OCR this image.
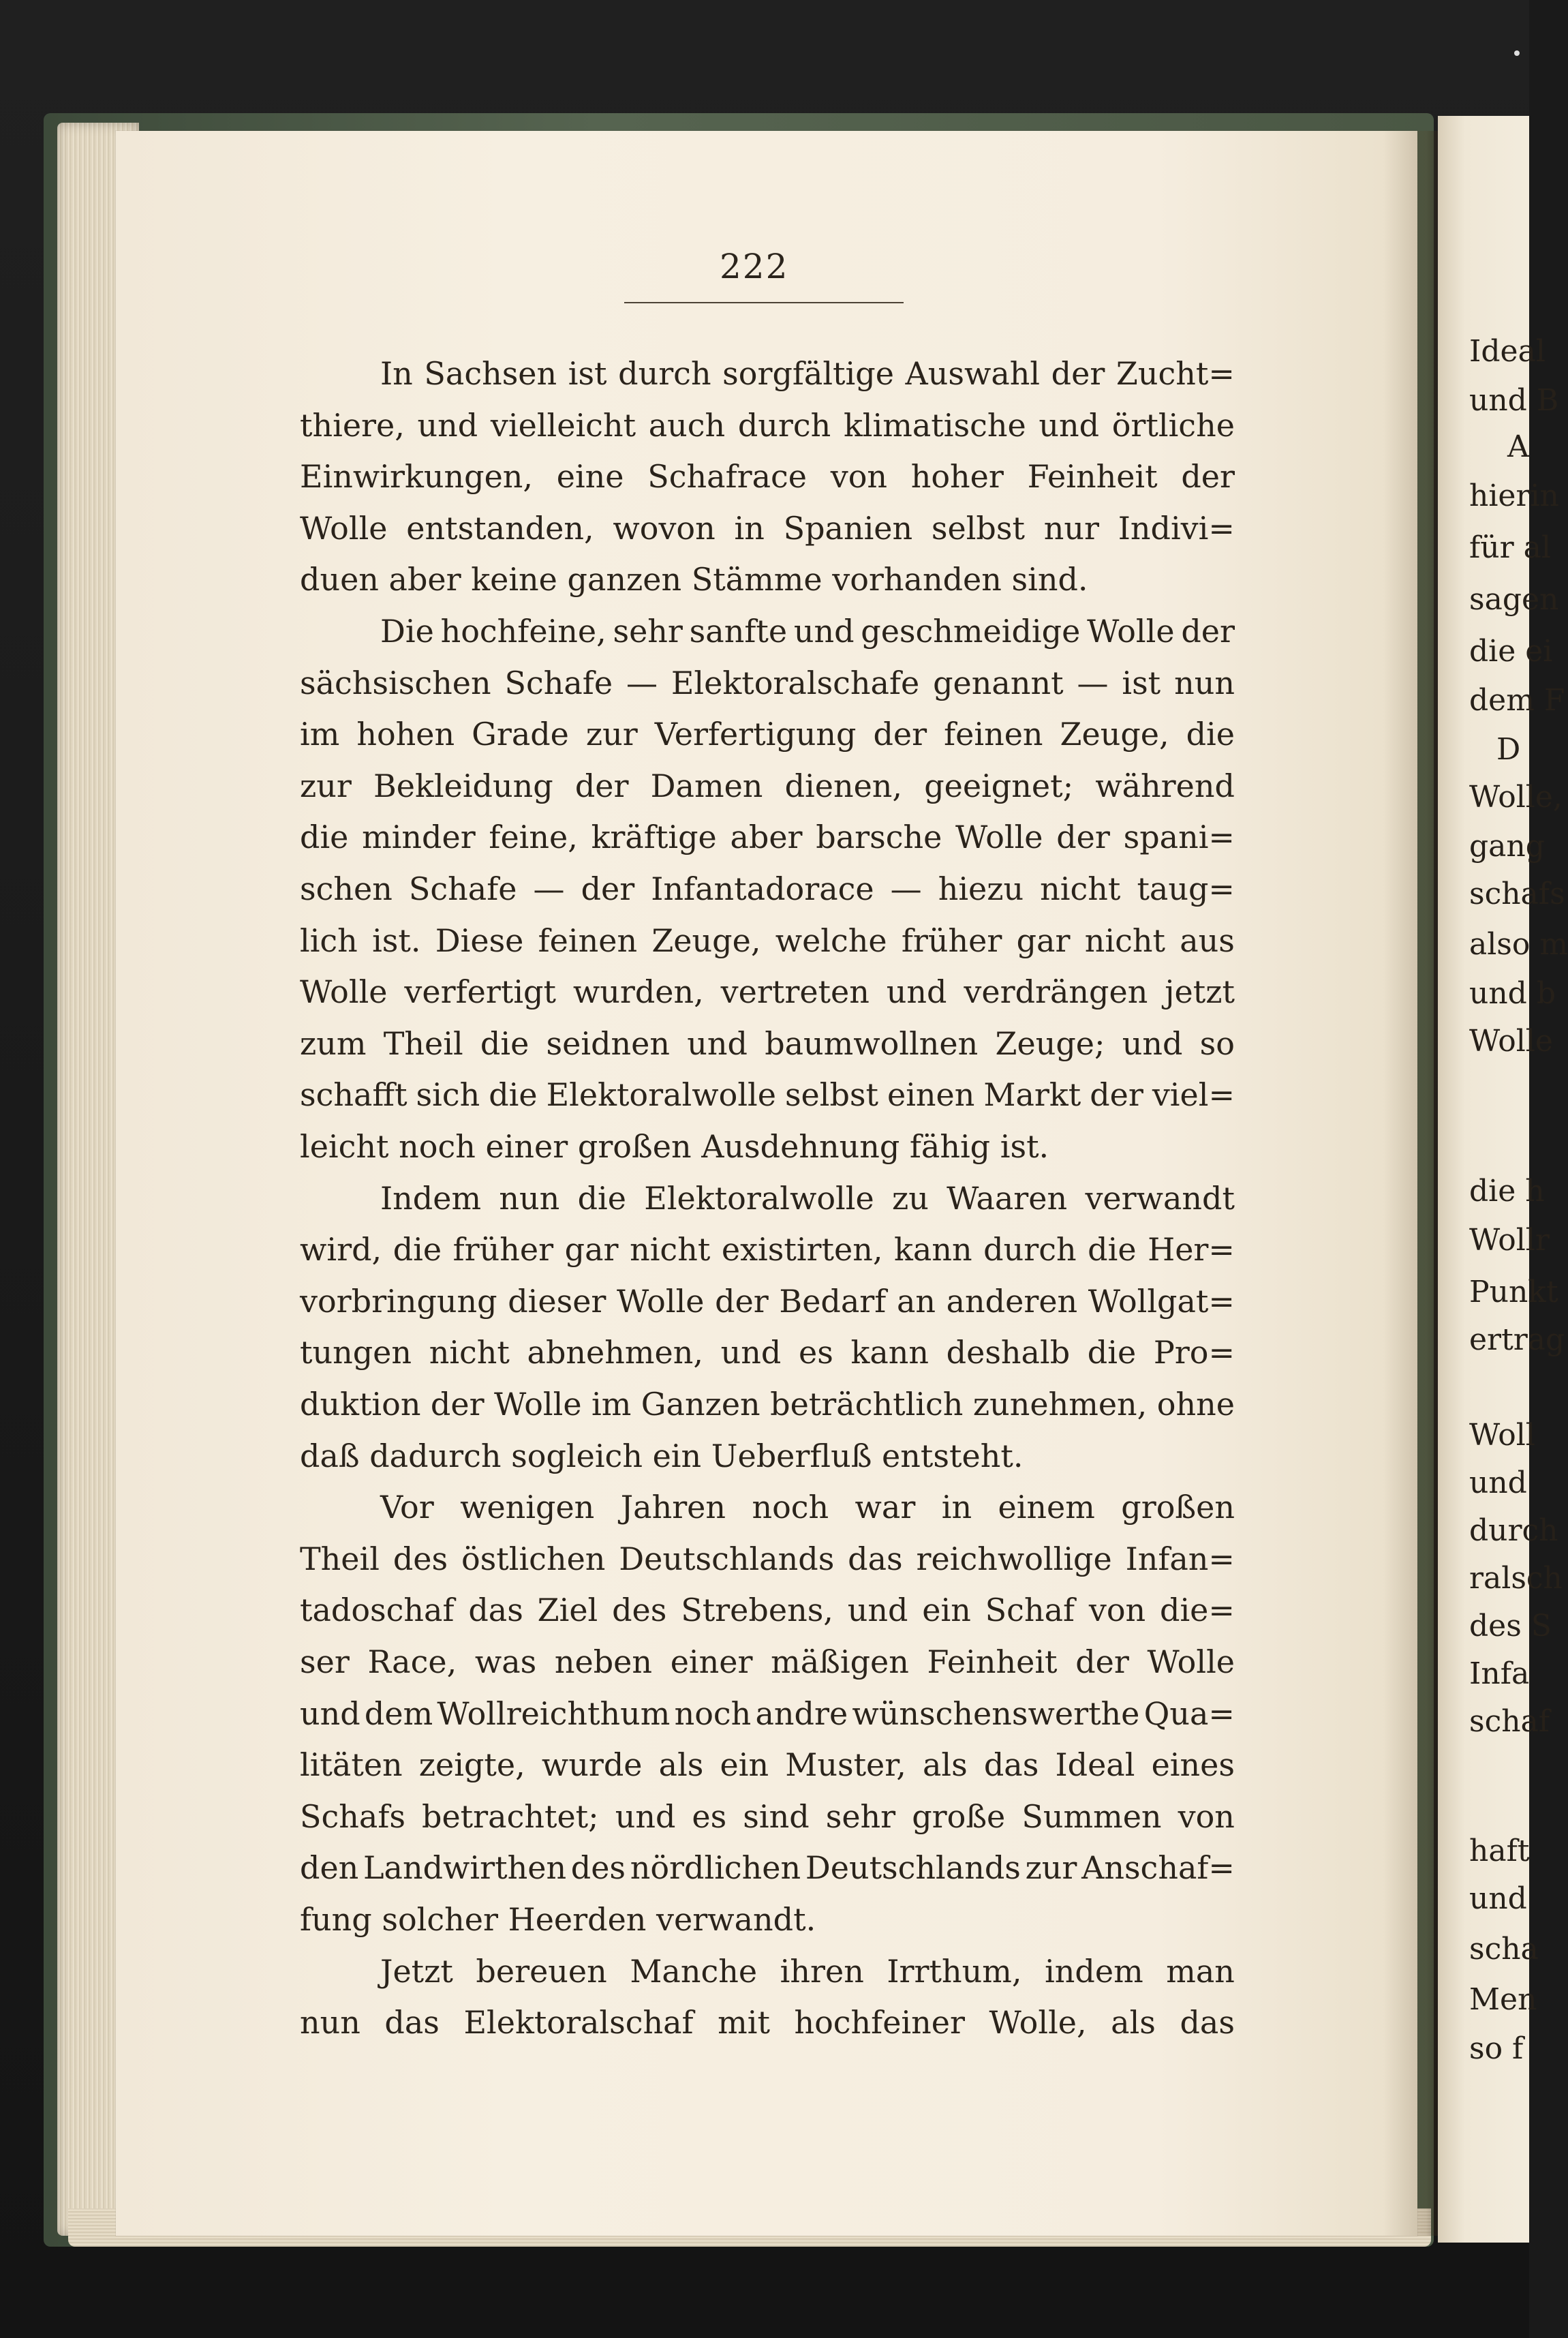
Ideal
und B
A
hierin
für al
sagen
die ei
dem F
D
Wolle,
gang
schafs
also m
und b
Wolle
die h
Wollr
Punkt
ertrag
Woll
und
durch
ralsch
des S
Infa
schaf
haft
und
scha
Men
so f
222
In Sachsen ist durch sorgfältige Auswahl der Zucht=
thiere, und vielleicht auch durch klimatische und örtliche
Einwirkungen, eine Schafrace von hoher Feinheit der
Wolle entstanden, wovon in Spanien selbst nur Indivi=
duen aber keine ganzen Stämme vorhanden sind.
Die hochfeine, sehr sanfte und geschmeidige Wolle der
sächsischen Schafe — Elektoralschafe genannt — ist nun
im hohen Grade zur Verfertigung der feinen Zeuge, die
zur Bekleidung der Damen dienen, geeignet; während
die minder feine, kräftige aber barsche Wolle der spani=
schen Schafe — der Infantadorace — hiezu nicht taug=
lich ist. Diese feinen Zeuge, welche früher gar nicht aus
Wolle verfertigt wurden, vertreten und verdrängen jetzt
zum Theil die seidnen und baumwollnen Zeuge; und so
schafft sich die Elektoralwolle selbst einen Markt der viel=
leicht noch einer großen Ausdehnung fähig ist.
Indem nun die Elektoralwolle zu Waaren verwandt
wird, die früher gar nicht existirten, kann durch die Her=
vorbringung dieser Wolle der Bedarf an anderen Wollgat=
tungen nicht abnehmen, und es kann deshalb die Pro=
duktion der Wolle im Ganzen beträchtlich zunehmen, ohne
daß dadurch sogleich ein Ueberfluß entsteht.
Vor wenigen Jahren noch war in einem großen
Theil des östlichen Deutschlands das reichwollige Infan=
tadoschaf das Ziel des Strebens, und ein Schaf von die=
ser Race, was neben einer mäßigen Feinheit der Wolle
und dem Wollreichthum noch andre wünschenswerthe Qua=
litäten zeigte, wurde als ein Muster, als das Ideal eines
Schafs betrachtet; und es sind sehr große Summen von
den Landwirthen des nördlichen Deutschlands zur Anschaf=
fung solcher Heerden verwandt.
Jetzt bereuen Manche ihren Irrthum, indem man
nun das Elektoralschaf mit hochfeiner Wolle, als das
